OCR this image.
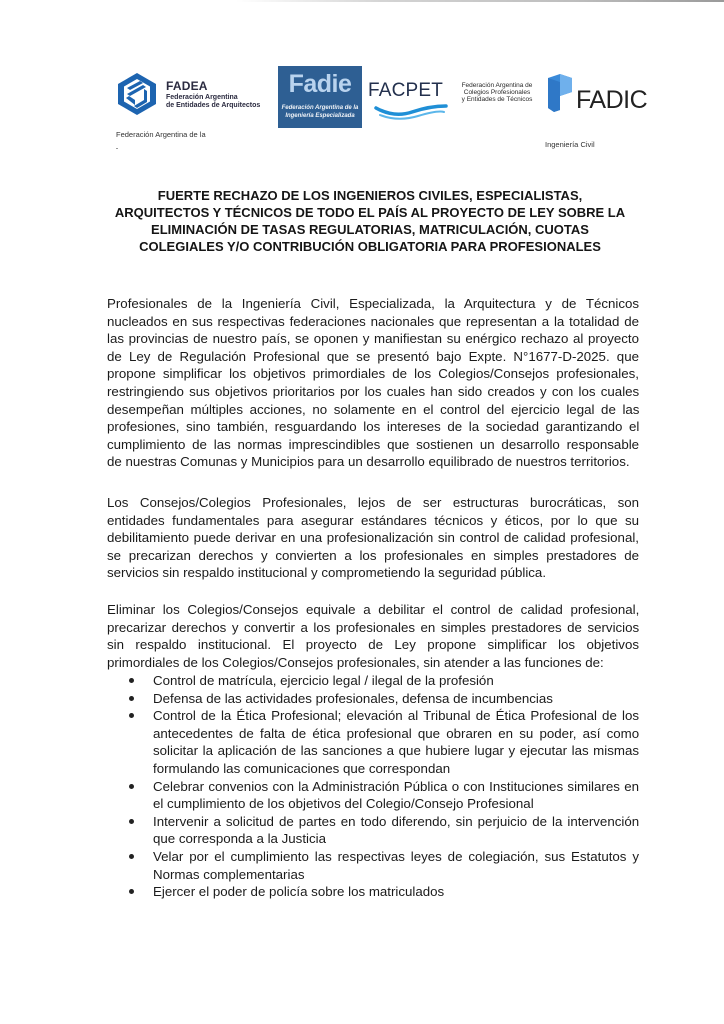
FADEA
Federación Argentina
de Entidades de Arquitectos
Federación Argentina de la
Fadie
Federación Argentina de la
Ingeniería Especializada
FACPET	Federación Argentina de
Colegios Profesionales
y Entidades de Técnicos	FADIC
Ingeniería Civil
FUERTE RECHAZO DE LOS INGENIEROS CIVILES, ESPECIALISTAS,
ARQUITECTOS Y TÉCNICOS DE TODO EL PAÍS AL PROYECTO DE LEY SOBRE LA
ELIMINACIÓN DE TASAS REGULATORIAS, MATRICULACIÓN, CUOTAS
COLEGIALES Y/O CONTRIBUCIÓN OBLIGATORIA PARA PROFESIONALES
Profesionales de la Ingeniería Civil, Especializada, la Arquitectura y de Técnicos
nucleados en sus respectivas federaciones nacionales que representan a la totalidad de
las provincias de nuestro país, se oponen y manifiestan su enérgico rechazo al proyecto
de Ley de Regulación Profesional que se presentó bajo Expte. N°1677-D-2025. que
propone simplificar los objetivos primordiales de los Colegios/Consejos profesionales,
restringiendo sus objetivos prioritarios por los cuales han sido creados y con los cuales
desempeñan múltiples acciones, no solamente en el control del ejercicio legal de las
profesiones, sino también, resguardando los intereses de la sociedad garantizando el
cumplimiento de las normas imprescindibles que sostienen un desarrollo responsable
de nuestras Comunas y Municipios para un desarrollo equilibrado de nuestros territorios.
Los Consejos/Colegios Profesionales, lejos de ser estructuras burocráticas, son
entidades fundamentales para asegurar estándares técnicos y éticos, por lo que su
debilitamiento puede derivar en una profesionalización sin control de calidad profesional,
se precarizan derechos y convierten a los profesionales en simples prestadores de
servicios sin respaldo institucional y comprometiendo la seguridad pública.
Eliminar los Colegios/Consejos equivale a debilitar el control de calidad profesional,
precarizar derechos y convertir a los profesionales en simples prestadores de servicios
sin respaldo institucional. El proyecto de Ley propone simplificar los objetivos
primordiales de los Colegios/Consejos profesionales, sin atender a las funciones de:
Control de matrícula, ejercicio legal / ilegal de la profesión
Defensa de las actividades profesionales, defensa de incumbencias
Control de la Ética Profesional; elevación al Tribunal de Ética Profesional de los
antecedentes de falta de ética profesional que obraren en su poder, así como
solicitar la aplicación de las sanciones a que hubiere lugar y ejecutar las mismas
formulando las comunicaciones que correspondan
Celebrar convenios con la Administración Pública o con Instituciones similares en
el cumplimiento de los objetivos del Colegio/Consejo Profesional
Intervenir a solicitud de partes en todo diferendo, sin perjuicio de la intervención
que corresponda a la Justicia
Velar por el cumplimiento las respectivas leyes de colegiación, sus Estatutos y
Normas complementarias
Ejercer el poder de policía sobre los matriculados
